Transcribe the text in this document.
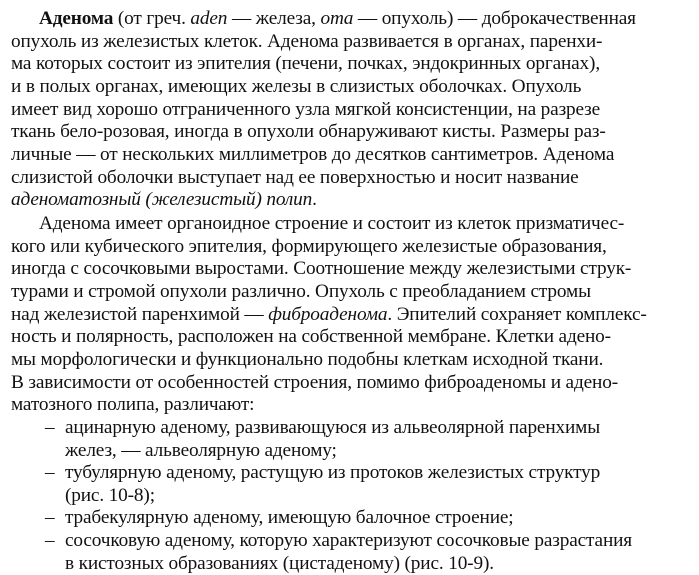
Аденома (от греч. aden — железа, oma — опухоль) — доброкачественная
опухоль из железистых клеток. Аденома развивается в органах, паренхи-
ма которых состоит из эпителия (печени, почках, эндокринных органах),
и в полых органах, имеющих железы в слизистых оболочках. Опухоль
имеет вид хорошо отграниченного узла мягкой консистенции, на разрезе
ткань бело-розовая, иногда в опухоли обнаруживают кисты. Размеры раз-
личные — от нескольких миллиметров до десятков сантиметров. Аденома
слизистой оболочки выступает над ее поверхностью и носит название
аденоматозный (железистый) полип.
Аденома имеет органоидное строение и состоит из клеток призматичес-
кого или кубического эпителия, формирующего железистые образования,
иногда с сосочковыми выростами. Соотношение между железистыми струк-
турами и стромой опухоли различно. Опухоль с преобладанием стромы
над железистой паренхимой — фиброаденома. Эпителий сохраняет комплекс-
ность и полярность, расположен на собственной мембране. Клетки адено-
мы морфологически и функционально подобны клеткам исходной ткани.
В зависимости от особенностей строения, помимо фиброаденомы и адено-
матозного полипа, различают:
– ацинарную аденому, развивающуюся из альвеолярной паренхимы
желез, — альвеолярную аденому;
– тубулярную аденому, растущую из протоков железистых структур
(рис. 10-8);
– трабекулярную аденому, имеющую балочное строение;
– сосочковую аденому, которую характеризуют сосочковые разрастания
в кистозных образованиях (цистаденому) (рис. 10-9).
